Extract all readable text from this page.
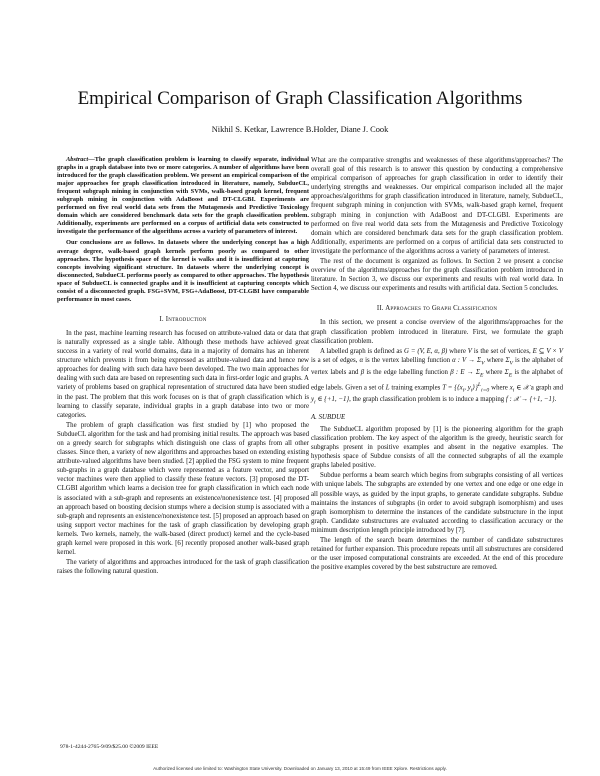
Empirical Comparison of Graph Classification Algorithms
Nikhil S. Ketkar, Lawrence B.Holder, Diane J. Cook

Abstract—The graph classification problem is learning to classify separate, individual graphs in a graph database into two or more categories. A number of algorithms have been introduced for the graph classification problem. We present an empirical comparison of the major approaches for graph classification introduced in literature, namely, SubdueCL, frequent subgraph mining in conjunction with SVMs, walk-based graph kernel, frequent subgraph mining in conjunction with AdaBoost and DT-CLGBI. Experiments are performed on five real world data sets from the Mutagenesis and Predictive Toxicology domain which are considered benchmark data sets for the graph classification problem. Additionally, experiments are performed on a corpus of artificial data sets constructed to investigate the performance of the algorithms across a variety of parameters of interest.

Our conclusions are as follows. In datasets where the underlying concept has a high average degree, walk-based graph kernels perform poorly as compared to other approaches. The hypothesis space of the kernel is walks and it is insufficient at capturing concepts involving significant structure. In datasets where the underlying concept is disconnected, SubdueCL performs poorly as compared to other approaches. The hypothesis space of SubdueCL is connected graphs and it is insufficient at capturing concepts which consist of a disconnected graph. FSG+SVM, FSG+AdaBoost, DT-CLGBI have comparable performance in most cases.

I. Introduction

In the past, machine learning research has focused on attribute-valued data or data that is naturally expressed as a single table. Although these methods have achieved great success in a variety of real world domains, data in a majority of domains has an inherent structure which prevents it from being expressed as attribute-valued data and hence new approaches for dealing with such data have been developed. The two main approaches for dealing with such data are based on representing such data in first-order logic and graphs. A variety of problems based on graphical representation of structured data have been studied in the past. The problem that this work focuses on is that of graph classification which is learning to classify separate, individual graphs in a graph database into two or more categories.

The problem of graph classification was first studied by [1] who proposed the SubdueCL algorithm for the task and had promising initial results. The approach was based on a greedy search for subgraphs which distinguish one class of graphs from all other classes. Since then, a variety of new algorithms and approaches based on extending existing attribute-valued algorithms have been studied. [2] applied the FSG system to mine frequent sub-graphs in a graph database which were represented as a feature vector, and support vector machines were then applied to classify these feature vectors. [3] proposed the DT-CLGBI algorithm which learns a decision tree for graph classification in which each node is associated with a sub-graph and represents an existence/nonexistence test. [4] proposed an approach based on boosting decision stumps where a decision stump is associated with a sub-graph and represents an existence/nonexistence test. [5] proposed an approach based on using support vector machines for the task of graph classification by developing graph kernels. Two kernels, namely, the walk-based (direct product) kernel and the cycle-based graph kernel were proposed in this work. [6] recently proposed another walk-based graph kernel.

The variety of algorithms and approaches introduced for the task of graph classification raises the following natural question.

What are the comparative strengths and weaknesses of these algorithms/approaches? The overall goal of this research is to answer this question by conducting a comprehensive empirical comparison of approaches for graph classification in order to identify their underlying strengths and weaknesses. Our empirical comparison included all the major approaches/algorithms for graph classification introduced in literature, namely, SubdueCL, frequent subgraph mining in conjunction with SVMs, walk-based graph kernel, frequent subgraph mining in conjunction with AdaBoost and DT-CLGBI. Experiments are performed on five real world data sets from the Mutagenesis and Predictive Toxicology domain which are considered benchmark data sets for the graph classification problem. Additionally, experiments are performed on a corpus of artificial data sets constructed to investigate the performance of the algorithms across a variety of parameters of interest.

The rest of the document is organized as follows. In Section 2 we present a concise overview of the algorithms/approaches for the graph classification problem introduced in literature. In Section 3, we discuss our experiments and results with real world data. In Section 4, we discuss our experiments and results with artificial data. Section 5 concludes.

II. Approaches to Graph Classification

In this section, we present a concise overview of the algorithms/approaches for the graph classification problem introduced in literature. First, we formulate the graph classification problem.

A labelled graph is defined as G = (V, E, α, β) where V is the set of vertices, E ⊆ V × V is a set of edges, α is the vertex labelling function α : $V \to \Sigma_V$ where $\Sigma_V$ is the alphabet of vertex labels and β is the edge labelling function β : $E \to \Sigma_E$ where $\Sigma_E$ is the alphabet of edge labels. Given a set of L training examples $T = \{⟨x_i$, $y_i⟩\}^L_{i=0}$ where $x_i$ ∈ 𝒳 a graph and $y_i$ ∈ {+1, −1}, the graph classification problem is to induce a mapping f : 𝒳 → {+1, −1}.

A. SUBDUE

The SubdueCL algorithm proposed by [1] is the pioneering algorithm for the graph classification problem. The key aspect of the algorithm is the greedy, heuristic search for subgraphs present in positive examples and absent in the negative examples. The hypothesis space of Subdue consists of all the connected subgraphs of all the example graphs labeled positive.

Subdue performs a beam search which begins from subgraphs consisting of all vertices with unique labels. The subgraphs are extended by one vertex and one edge or one edge in all possible ways, as guided by the input graphs, to generate candidate subgraphs. Subdue maintains the instances of subgraphs (in order to avoid subgraph isomorphism) and uses graph isomorphism to determine the instances of the candidate substructure in the input graph. Candidate substructures are evaluated according to classification accuracy or the minimum description length principle introduced by [7].

The length of the search beam determines the number of candidate substructures retained for further expansion. This procedure repeats until all substructures are considered or the user imposed computational constraints are exceeded. At the end of this procedure the positive examples covered by the best substructure are removed.

978-1-4244-2765-9/09/$25.00 ©2009 IEEE
Authorized licensed use limited to: Washington State University. Downloaded on January 13, 2010 at 15:49 from IEEE Xplore. Restrictions apply.
